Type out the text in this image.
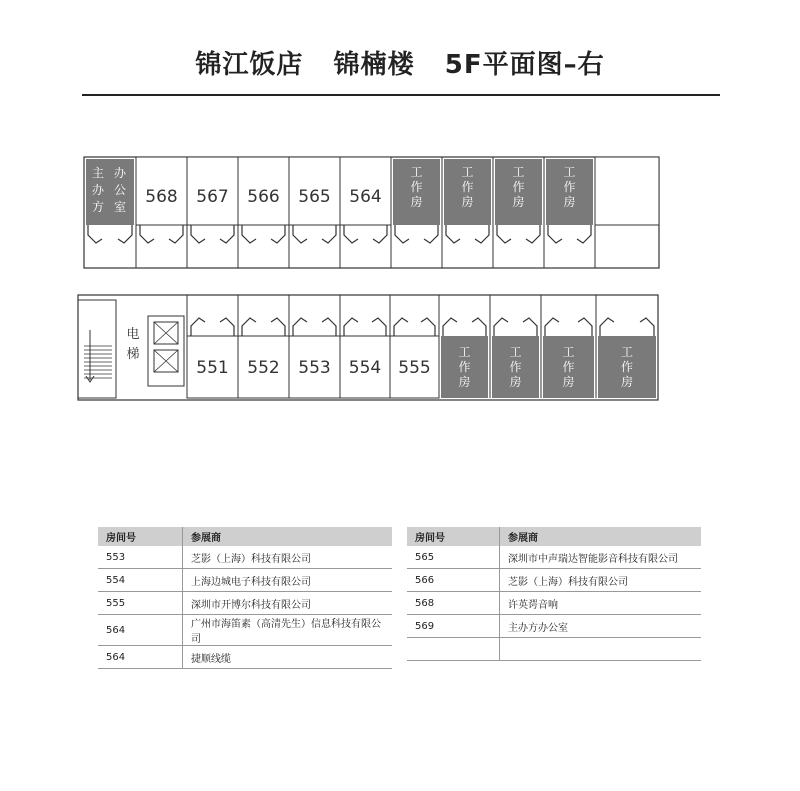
锦江饭店 锦楠楼 5F平面图–右
主
办
方
办
公
室 568 567 566 565 564
工
作
房
工
作
房
工
作
房
工
作
房
电
梯
551 552 553 554 555
工
作
房
工
作
房
工
作
房
工
作
房
房间号	参展商
553	芝影（上海）科技有限公司
554	上海边城电子科技有限公司
555	深圳市开博尔科技有限公司
564	广州市海笛素（高清先生）信息科技有限公司
564	捷顺线缆
房间号	参展商
565	深圳市中声瑞达智能影音科技有限公司
566	芝影（上海）科技有限公司
568	许英谔音响
569	主办方办公室
